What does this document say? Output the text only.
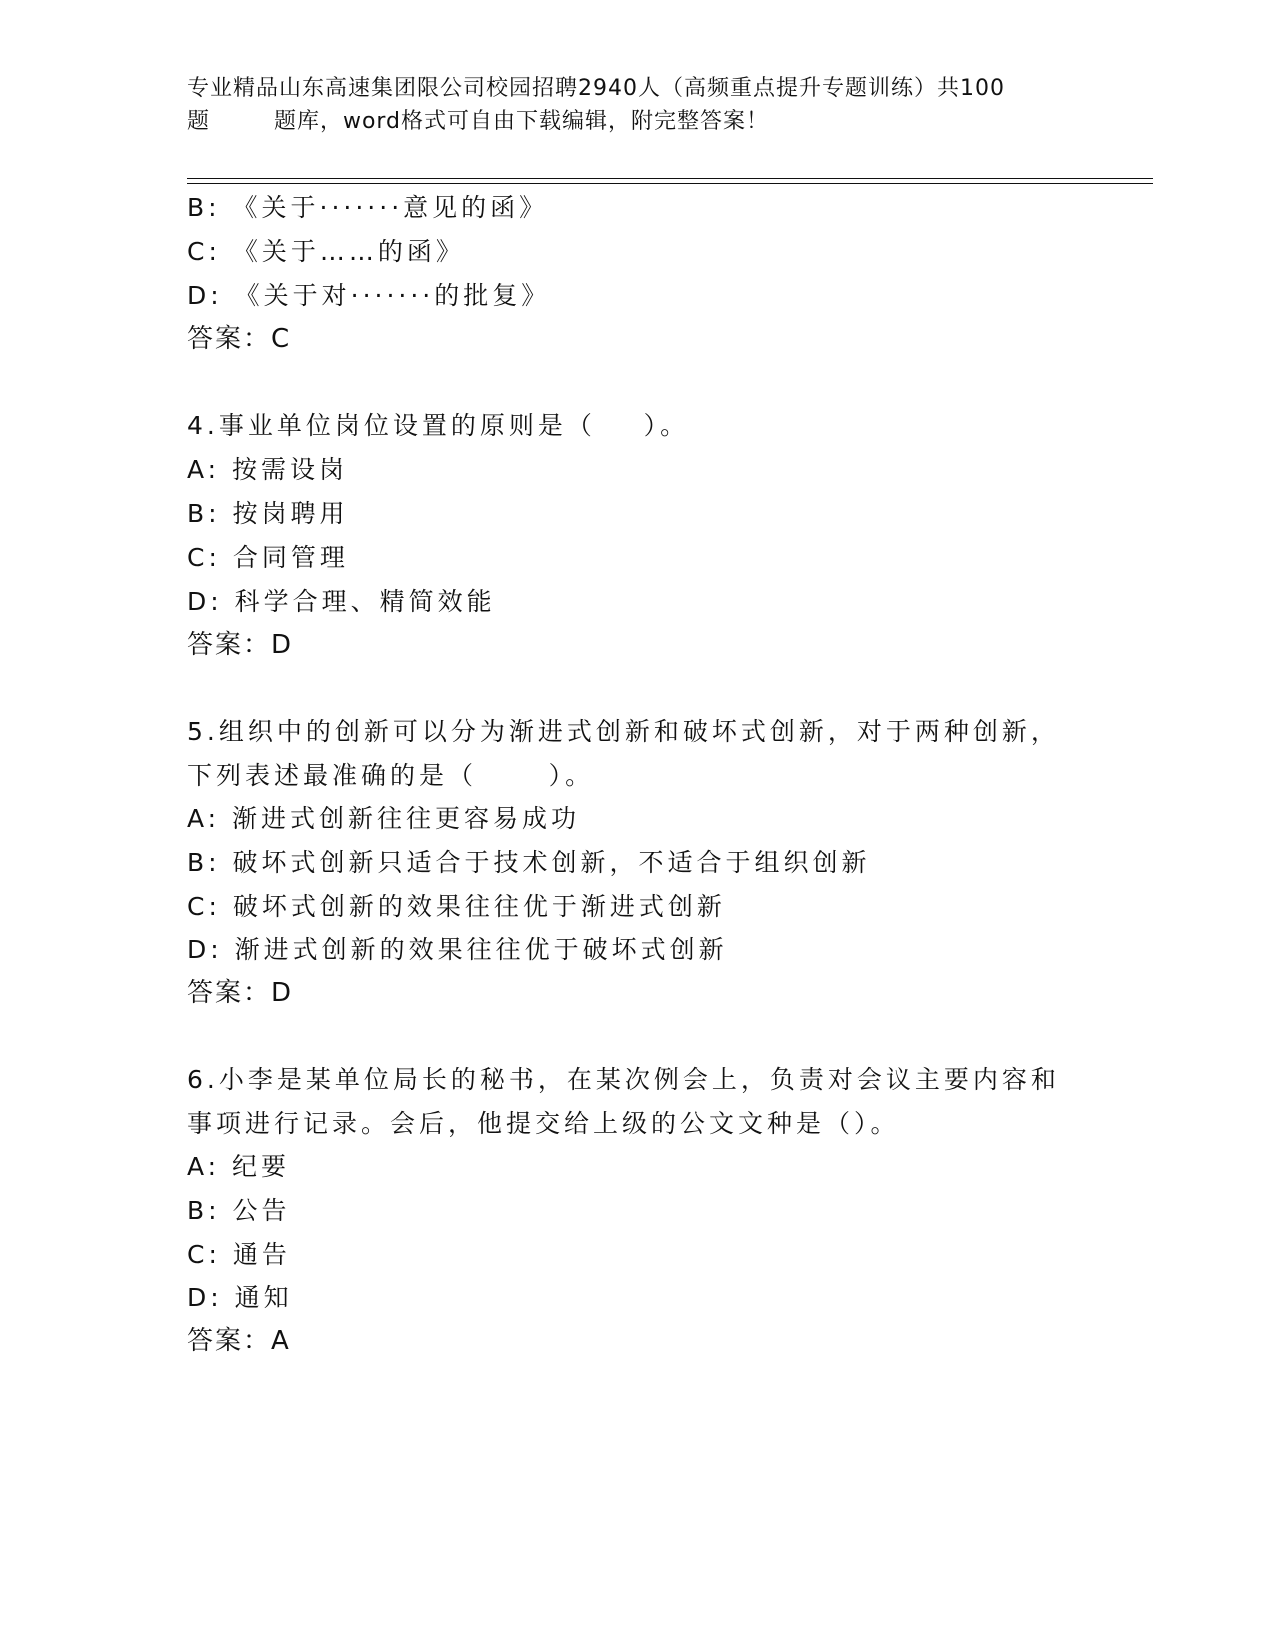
专业精品山东高速集团限公司校园招聘2940人（高频重点提升专题训练）共100
题        题库，word格式可自由下载编辑，附完整答案！
B: 《关于·······意见的函》
C: 《关于……的函》
D: 《关于对·······的批复》
答案：C
4.事业单位岗位设置的原则是（    ）。
A: 按需设岗
B: 按岗聘用
C: 合同管理
D: 科学合理、精简效能
答案：D
5.组织中的创新可以分为渐进式创新和破坏式创新，对于两种创新，
下列表述最准确的是（      ）。
A: 渐进式创新往往更容易成功
B: 破坏式创新只适合于技术创新，不适合于组织创新
C: 破坏式创新的效果往往优于渐进式创新
D: 渐进式创新的效果往往优于破坏式创新
答案：D
6.小李是某单位局长的秘书，在某次例会上，负责对会议主要内容和
事项进行记录。会后，他提交给上级的公文文种是（）。
A: 纪要
B: 公告
C: 通告
D: 通知
答案：A
